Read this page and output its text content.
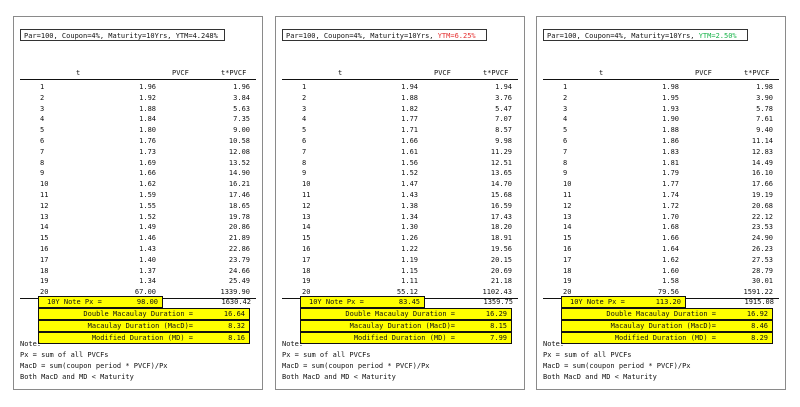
Par=100, Coupon=4%, Maturity=10Yrs, YTM=4.248%
t	PVCF	t*PVCF
1	1.96	1.96
2	1.92	3.84
3	1.88	5.63
4	1.84	7.35
5	1.80	9.00
6	1.76	10.58
7	1.73	12.08
8	1.69	13.52
9	1.66	14.90
10	1.62	16.21
11	1.59	17.46
12	1.55	18.65
13	1.52	19.78
14	1.49	20.86
15	1.46	21.89
16	1.43	22.86
17	1.40	23.79
18	1.37	24.66
19	1.34	25.49
20	67.00	1339.90
10Y Note Px =	98.00	1630.42
Double Macaulay Duration =	16.64
Macaulay Duration (MacD)=	8.32
Modified Duration (MD) =	8.16
Note:
Px = sum of all PVCFs
MacD = sum(coupon period * PVCF)/Px
Both MacD and MD < Maturity
Par=100, Coupon=4%, Maturity=10Yrs, YTM=6.25%
t	PVCF	t*PVCF
1	1.94	1.94
2	1.88	3.76
3	1.82	5.47
4	1.77	7.07
5	1.71	8.57
6	1.66	9.98
7	1.61	11.29
8	1.56	12.51
9	1.52	13.65
10	1.47	14.70
11	1.43	15.68
12	1.38	16.59
13	1.34	17.43
14	1.30	18.20
15	1.26	18.91
16	1.22	19.56
17	1.19	20.15
18	1.15	20.69
19	1.11	21.18
20	55.12	1102.43
10Y Note Px =	83.45	1359.75
Double Macaulay Duration =	16.29
Macaulay Duration (MacD)=	8.15
Modified Duration (MD) =	7.99
Note:
Px = sum of all PVCFs
MacD = sum(coupon period * PVCF)/Px
Both MacD and MD < Maturity
Par=100, Coupon=4%, Maturity=10Yrs, YTM=2.50%
t	PVCF	t*PVCF
1	1.98	1.98
2	1.95	3.90
3	1.93	5.78
4	1.90	7.61
5	1.88	9.40
6	1.86	11.14
7	1.83	12.83
8	1.81	14.49
9	1.79	16.10
10	1.77	17.66
11	1.74	19.19
12	1.72	20.68
13	1.70	22.12
14	1.68	23.53
15	1.66	24.90
16	1.64	26.23
17	1.62	27.53
18	1.60	28.79
19	1.58	30.01
20	79.56	1591.22
10Y Note Px =	113.20	1915.08
Double Macaulay Duration =	16.92
Macaulay Duration (MacD)=	8.46
Modified Duration (MD) =	8.29
Note:
Px = sum of all PVCFs
MacD = sum(coupon period * PVCF)/Px
Both MacD and MD < Maturity
